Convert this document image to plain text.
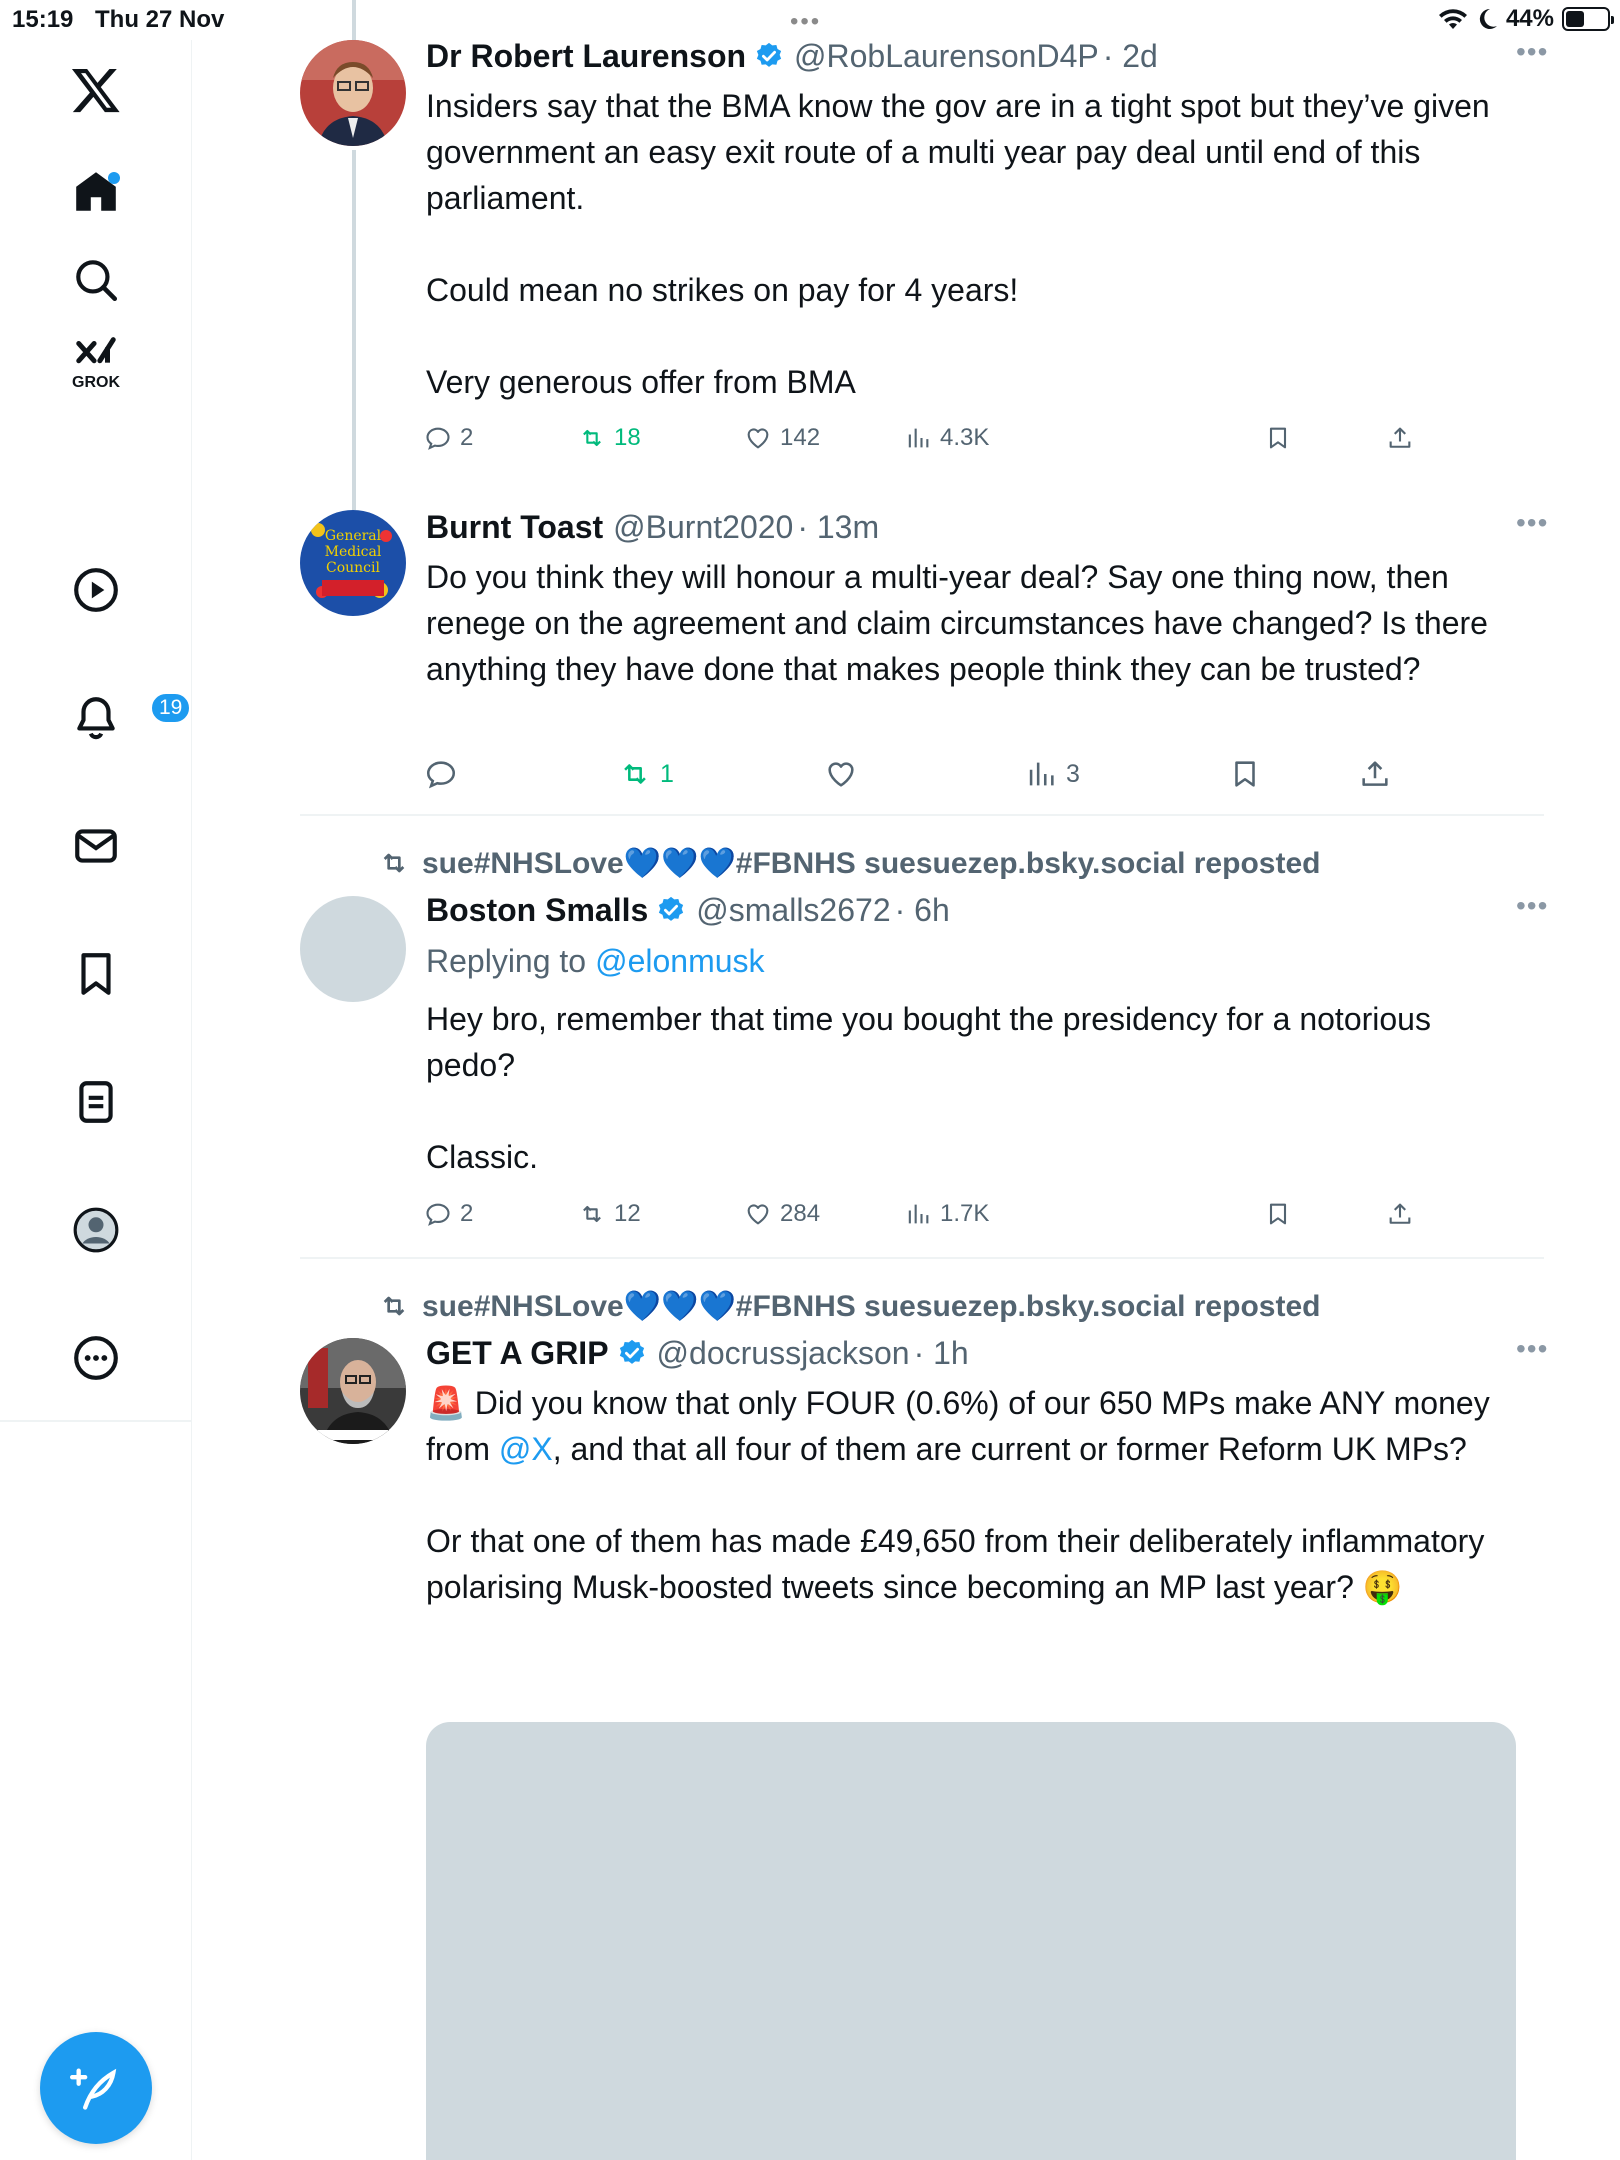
15:19 Thu 27 Nov	•••	44%
GROK
19
Dr Robert Laurenson @RobLaurensonD4P · 2d	•••

Insiders say that the BMA know the gov are in a tight spot but they’ve given government an easy exit route of a multi year pay deal until end of this parliament.

Could mean no strikes on pay for 4 years!

Very generous offer from BMA

2	18	142	4.3K
General
Medical
Council
Burnt Toast @Burnt2020 · 13m	•••

Do you think they will honour a multi-year deal? Say one thing now, then renege on the agreement and claim circumstances have changed? Is there anything they have done that makes people think they can be trusted?

1	3
sue#NHSLove💙💙💙#FBNHS suesuezep.bsky.social reposted
Boston Smalls @smalls2672 · 6h	•••
Replying to @elonmusk

Hey bro, remember that time you bought the presidency for a notorious pedo?

Classic.

2	12	284	1.7K
sue#NHSLove💙💙💙#FBNHS suesuezep.bsky.social reposted
GET A GRIP @docrussjackson · 1h	•••

🚨 Did you know that only FOUR (0.6%) of our 650 MPs make ANY money from @X, and that all four of them are current or former Reform UK MPs?

Or that one of them has made £49,650 from their deliberately inflammatory polarising Musk-boosted tweets since becoming an MP last year? 🤑
